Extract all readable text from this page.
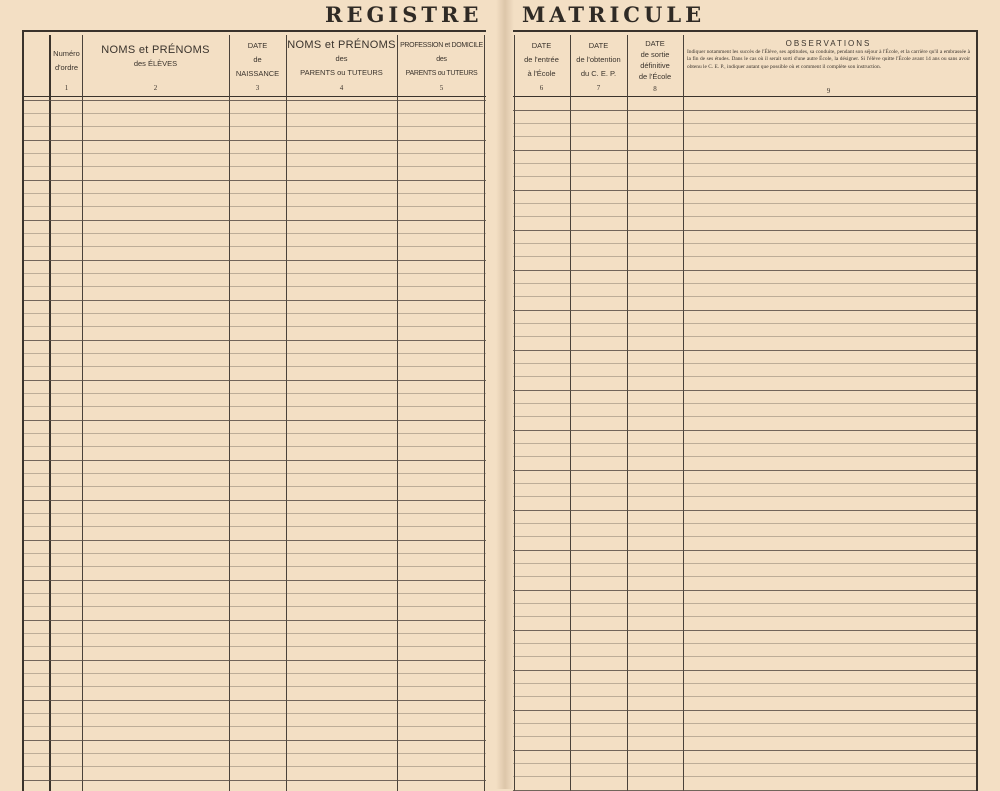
REGISTRE MATRICULE
Numéro
d'ordre
1
NOMS et PRÉNOMS
des ÉLÈVES
2
DATE
de
NAISSANCE
3
NOMS et PRÉNOMS
des
PARENTS ou TUTEURS
4
PROFESSION et DOMICILE
des
PARENTS ou TUTEURS
5
DATE
de l'entrée
à l'École
6
DATE
de l'obtention
du C. E. P.
7
DATE
de sortie
définitive
de l'École
8
OBSERVATIONS
Indiquer notamment les succès de l'Élève, ses aptitudes, sa conduite, pendant son séjour à l'École, et la carrière qu'il a embrassée à la fin de ses études. Dans le cas où il serait sorti d'une autre École, la désigner. Si l'élève quitte l'École avant 14 ans ou sans avoir obtenu le C. E. P., indiquer autant que possible où et comment il complète son instruction.
9
